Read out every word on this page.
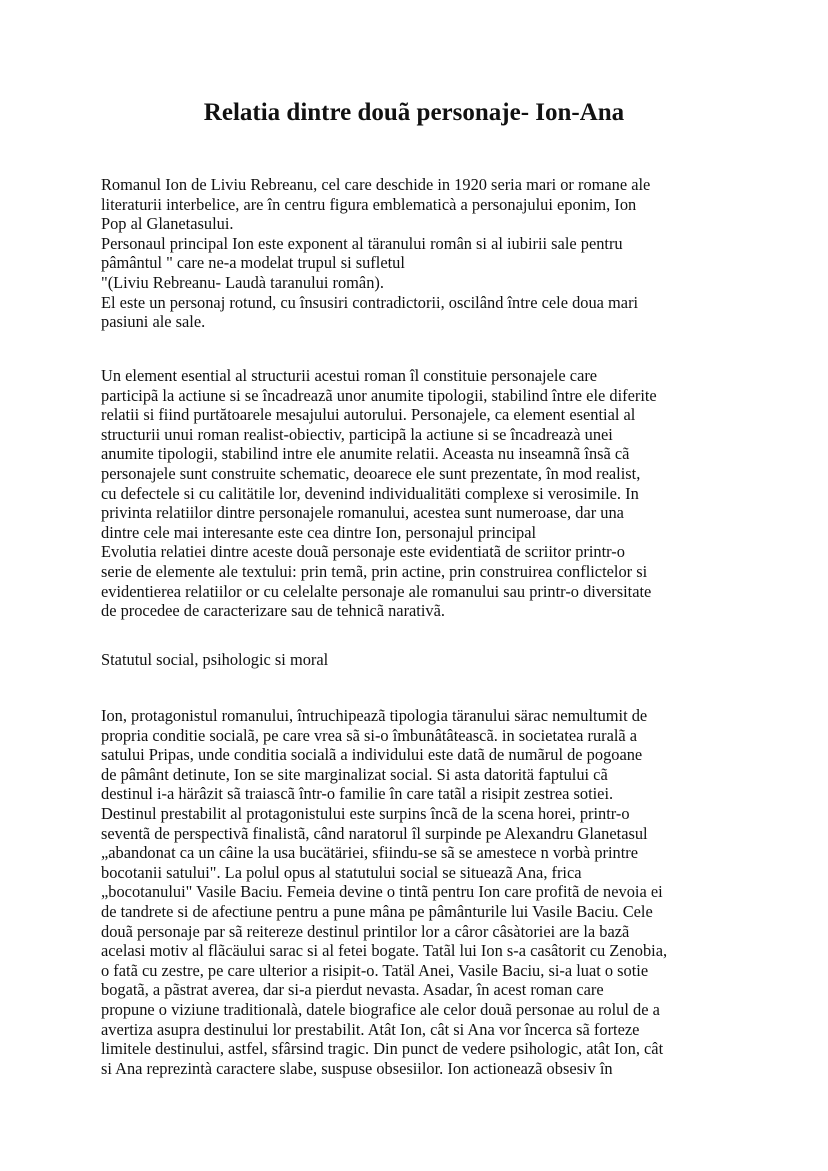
Relatia dintre douã personaje- Ion-Ana
Romanul Ion de Liviu Rebreanu, cel care deschide in 1920 seria mari or romane ale
literaturii interbelice, are în centru figura emblematicà a personajului eponim, Ion
Pop al Glanetasului.
Personaul principal Ion este exponent al täranului român si al iubirii sale pentru
pâmântul " care ne-a modelat trupul si sufletul
"(Liviu Rebreanu- Laudà taranului român).
El este un personaj rotund, cu însusiri contradictorii, oscilând între cele doua mari
pasiuni ale sale.
Un element esential al structurii acestui roman îl constituie personajele care
participã la actiune si se încadreazã unor anumite tipologii, stabilind între ele diferite
relatii si fiind purtătoarele mesajului autorului. Personajele, ca element esential al
structurii unui roman realist-obiectiv, participã la actiune si se încadreazà unei
anumite tipologii, stabilind intre ele anumite relatii. Aceasta nu inseamnã însã cã
personajele sunt construite schematic, deoarece ele sunt prezentate, în mod realist,
cu defectele si cu calitätile lor, devenind individualitäti complexe si verosimile. In
privinta relatiilor dintre personajele romanului, acestea sunt numeroase, dar una
dintre cele mai interesante este cea dintre Ion, personajul principal
Evolutia relatiei dintre aceste douã personaje este evidentiatã de scriitor printr-o
serie de elemente ale textului: prin temã, prin actine, prin construirea conflictelor si
evidentierea relatiilor or cu celelalte personaje ale romanului sau printr-o diversitate
de procedee de caracterizare sau de tehnicã narativã.
Statutul social, psihologic si moral
Ion, protagonistul romanului, întruchipeazã tipologia täranului särac nemultumit de
propria conditie socialã, pe care vrea sã si-o îmbunâtâteascã. in societatea ruralã a
satului Pripas, unde conditia socialã a individului este datã de numãrul de pogoane
de pâmânt detinute, Ion se site marginalizat social. Si asta datoritä faptului cã
destinul i-a härâzit sã traiascã într-o familie în care tatãl a risipit zestrea sotiei.
Destinul prestabilit al protagonistului este surpins încã de la scena horei, printr-o
seventã de perspectivã finalistã, când naratorul îl surpinde pe Alexandru Glanetasul
„abandonat ca un câine la usa bucätäriei, sfiindu-se sã se amestece n vorbà printre
bocotanii satului". La polul opus al statutului social se situeazã Ana, frica
„bocotanului" Vasile Baciu. Femeia devine o tintã pentru Ion care profitã de nevoia ei
de tandrete si de afectiune pentru a pune mâna pe pâmânturile lui Vasile Baciu. Cele
douã personaje par sã reitereze destinul printilor lor a câror câsàtoriei are la bazã
acelasi motiv al flãcäului sarac si al fetei bogate. Tatãl lui Ion s-a casâtorit cu Zenobia,
o fatã cu zestre, pe care ulterior a risipit-o. Tatäl Anei, Vasile Baciu, si-a luat o sotie
bogatã, a pãstrat averea, dar si-a pierdut nevasta. Asadar, în acest roman care
propune o viziune traditionalà, datele biografice ale celor douã personae au rolul de a
avertiza asupra destinului lor prestabilit. Atât Ion, cât si Ana vor încerca sã forteze
limitele destinului, astfel, sfârsind tragic. Din punct de vedere psihologic, atât Ion, cât
si Ana reprezintà caractere slabe, suspuse obsesiilor. Ion actioneazã obsesiv în
